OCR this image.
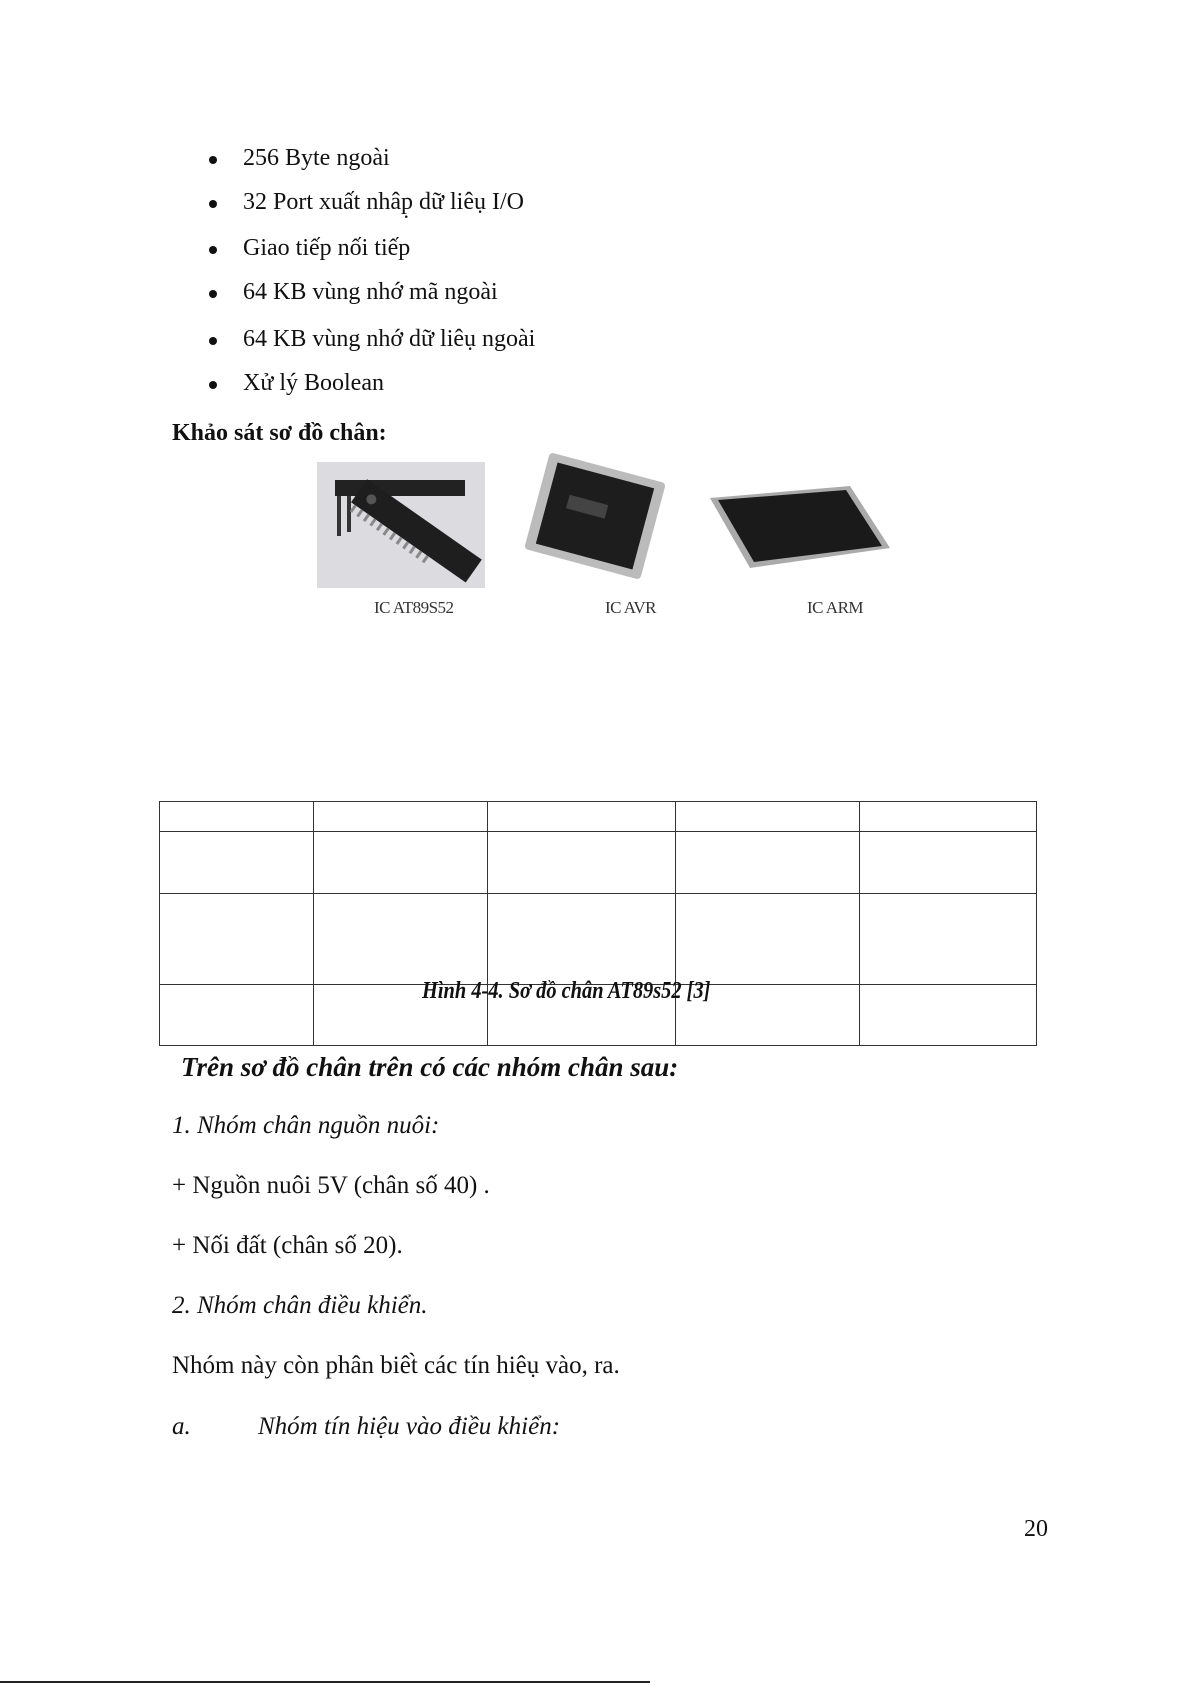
256 Byte ngoài
32 Port xuất nhâp̣ dữ liêụ I/O
Giao tiếp nối tiếp
64 KB vùng nhớ mã ngoài
64 KB vùng nhớ dữ liêụ ngoài
Xử lý Boolean
Khảo sát sơ đồ chân:
IC AT89S52	IC AVR	IC ARM

Hình 4-4. Sơ đồ chân AT89s52 [3]
Trên sơ đồ chân trên có các nhóm chân sau:
1. Nhóm chân nguồn nuôi:
+ Nguồn nuôi 5V (chân số 40) .
+ Nối đất (chân số 20).
2. Nhóm chân điều khiển.
Nhóm này còn phân biêt̀ các tín hiêụ vào, ra.
a.	Nhóm tín hiệu vào điều khiển:
20
